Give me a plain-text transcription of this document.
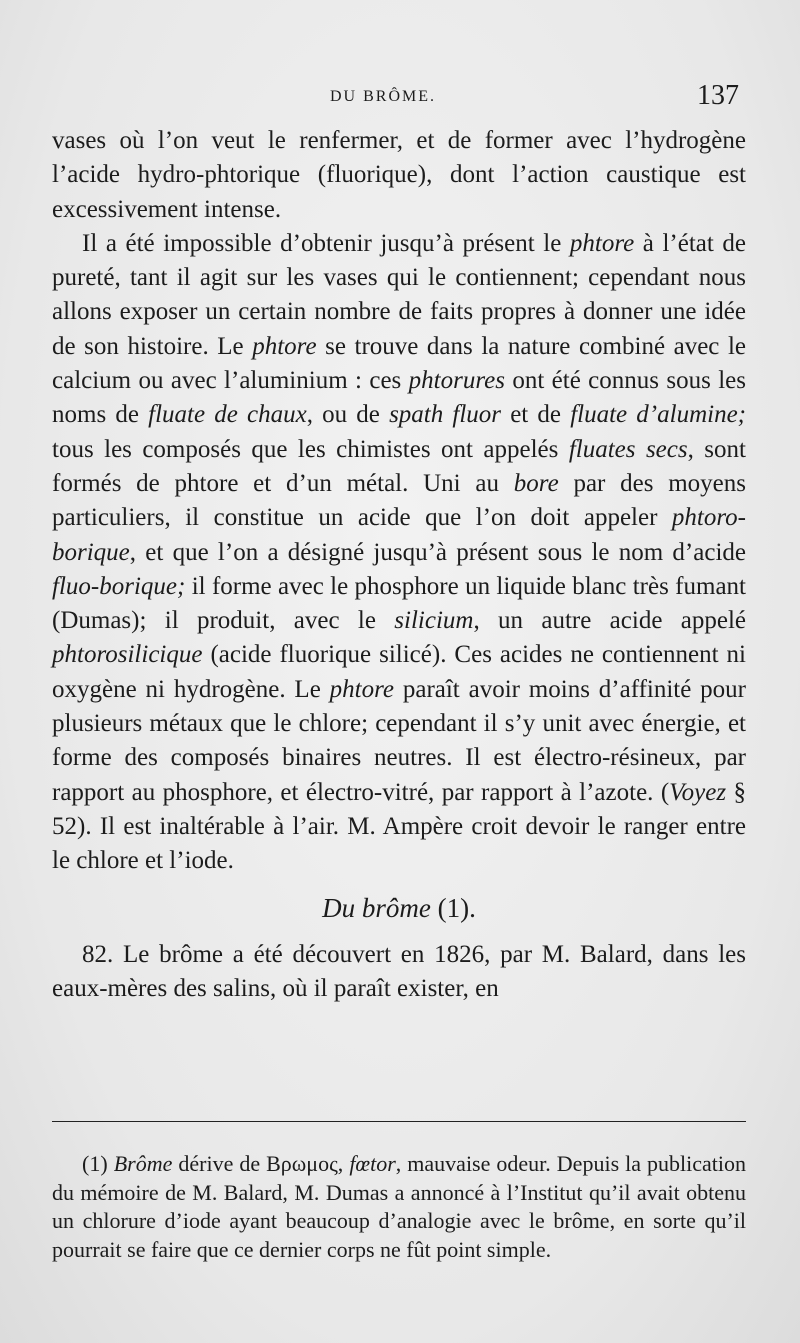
DU BRÔME.	137

vases où l’on veut le renfermer, et de former avec l’hydrogène l’acide hydro-phtorique (fluorique), dont l’action caustique est excessivement intense.

Il a été impossible d’obtenir jusqu’à présent le phtore à l’état de pureté, tant il agit sur les vases qui le contiennent; cependant nous allons exposer un certain nombre de faits propres à donner une idée de son histoire. Le phtore se trouve dans la nature combiné avec le calcium ou avec l’aluminium : ces phtorures ont été connus sous les noms de fluate de chaux, ou de spath fluor et de fluate d’alumine; tous les composés que les chimistes ont appelés fluates secs, sont formés de phtore et d’un métal. Uni au bore par des moyens particuliers, il constitue un acide que l’on doit appeler phtoro-borique, et que l’on a désigné jusqu’à présent sous le nom d’acide fluo-borique; il forme avec le phosphore un liquide blanc très fumant (Dumas); il produit, avec le silicium, un autre acide appelé phtorosilicique (acide fluorique silicé). Ces acides ne contiennent ni oxygène ni hydrogène. Le phtore paraît avoir moins d’affinité pour plusieurs métaux que le chlore; cependant il s’y unit avec énergie, et forme des composés binaires neutres. Il est électro-résineux, par rapport au phosphore, et électro-vitré, par rapport à l’azote. (Voyez § 52). Il est inaltérable à l’air. M. Ampère croit devoir le ranger entre le chlore et l’iode.

Du brôme (1).

82. Le brôme a été découvert en 1826, par M. Balard, dans les eaux-mères des salins, où il paraît exister, en

(1) Brôme dérive de Βρωμος, fœtor, mauvaise odeur. Depuis la publication du mémoire de M. Balard, M. Dumas a annoncé à l’Institut qu’il avait obtenu un chlorure d’iode ayant beaucoup d’analogie avec le brôme, en sorte qu’il pourrait se faire que ce dernier corps ne fût point simple.
